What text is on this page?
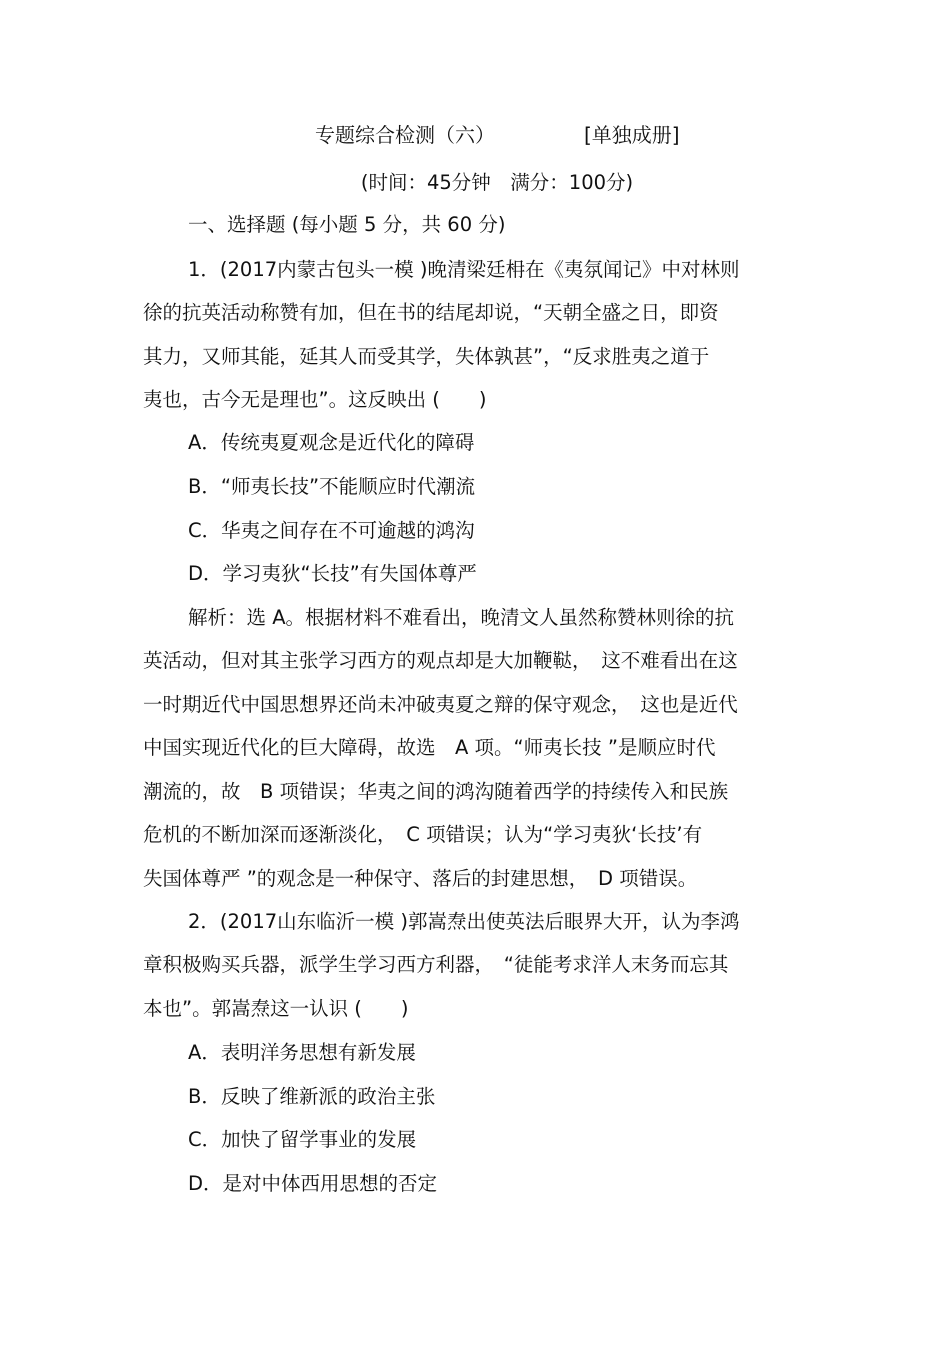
专题综合检测（六）	[单独成册]
(时间：45分钟　满分：100分)
一、选择题 (每小题 5 分，共 60 分)
1．(2017内蒙古包头一模 )晚清梁廷枏在《夷氛闻记》中对林则
徐的抗英活动称赞有加，但在书的结尾却说，“天朝全盛之日，即资
其力，又师其能，延其人而受其学，失体孰甚”，“反求胜夷之道于
夷也，古今无是理也”。这反映出 (　　)
A．传统夷夏观念是近代化的障碍
B．“师夷长技”不能顺应时代潮流
C．华夷之间存在不可逾越的鸿沟
D．学习夷狄“长技”有失国体尊严
解析：选 A。根据材料不难看出，晚清文人虽然称赞林则徐的抗
英活动，但对其主张学习西方的观点却是大加鞭鞑，　这不难看出在这
一时期近代中国思想界还尚未冲破夷夏之辩的保守观念，　这也是近代
中国实现近代化的巨大障碍，故选　A 项。“师夷长技 ”是顺应时代
潮流的，故　B 项错误；华夷之间的鸿沟随着西学的持续传入和民族
危机的不断加深而逐渐淡化，　C 项错误；认为“学习夷狄‘长技’有
失国体尊严 ”的观念是一种保守、落后的封建思想，　D 项错误。
2．(2017山东临沂一模 )郭嵩焘出使英法后眼界大开，认为李鸿
章积极购买兵器，派学生学习西方利器，　“徒能考求洋人末务而忘其
本也”。郭嵩焘这一认识 (　　)
A．表明洋务思想有新发展
B．反映了维新派的政治主张
C．加快了留学事业的发展
D．是对中体西用思想的否定
